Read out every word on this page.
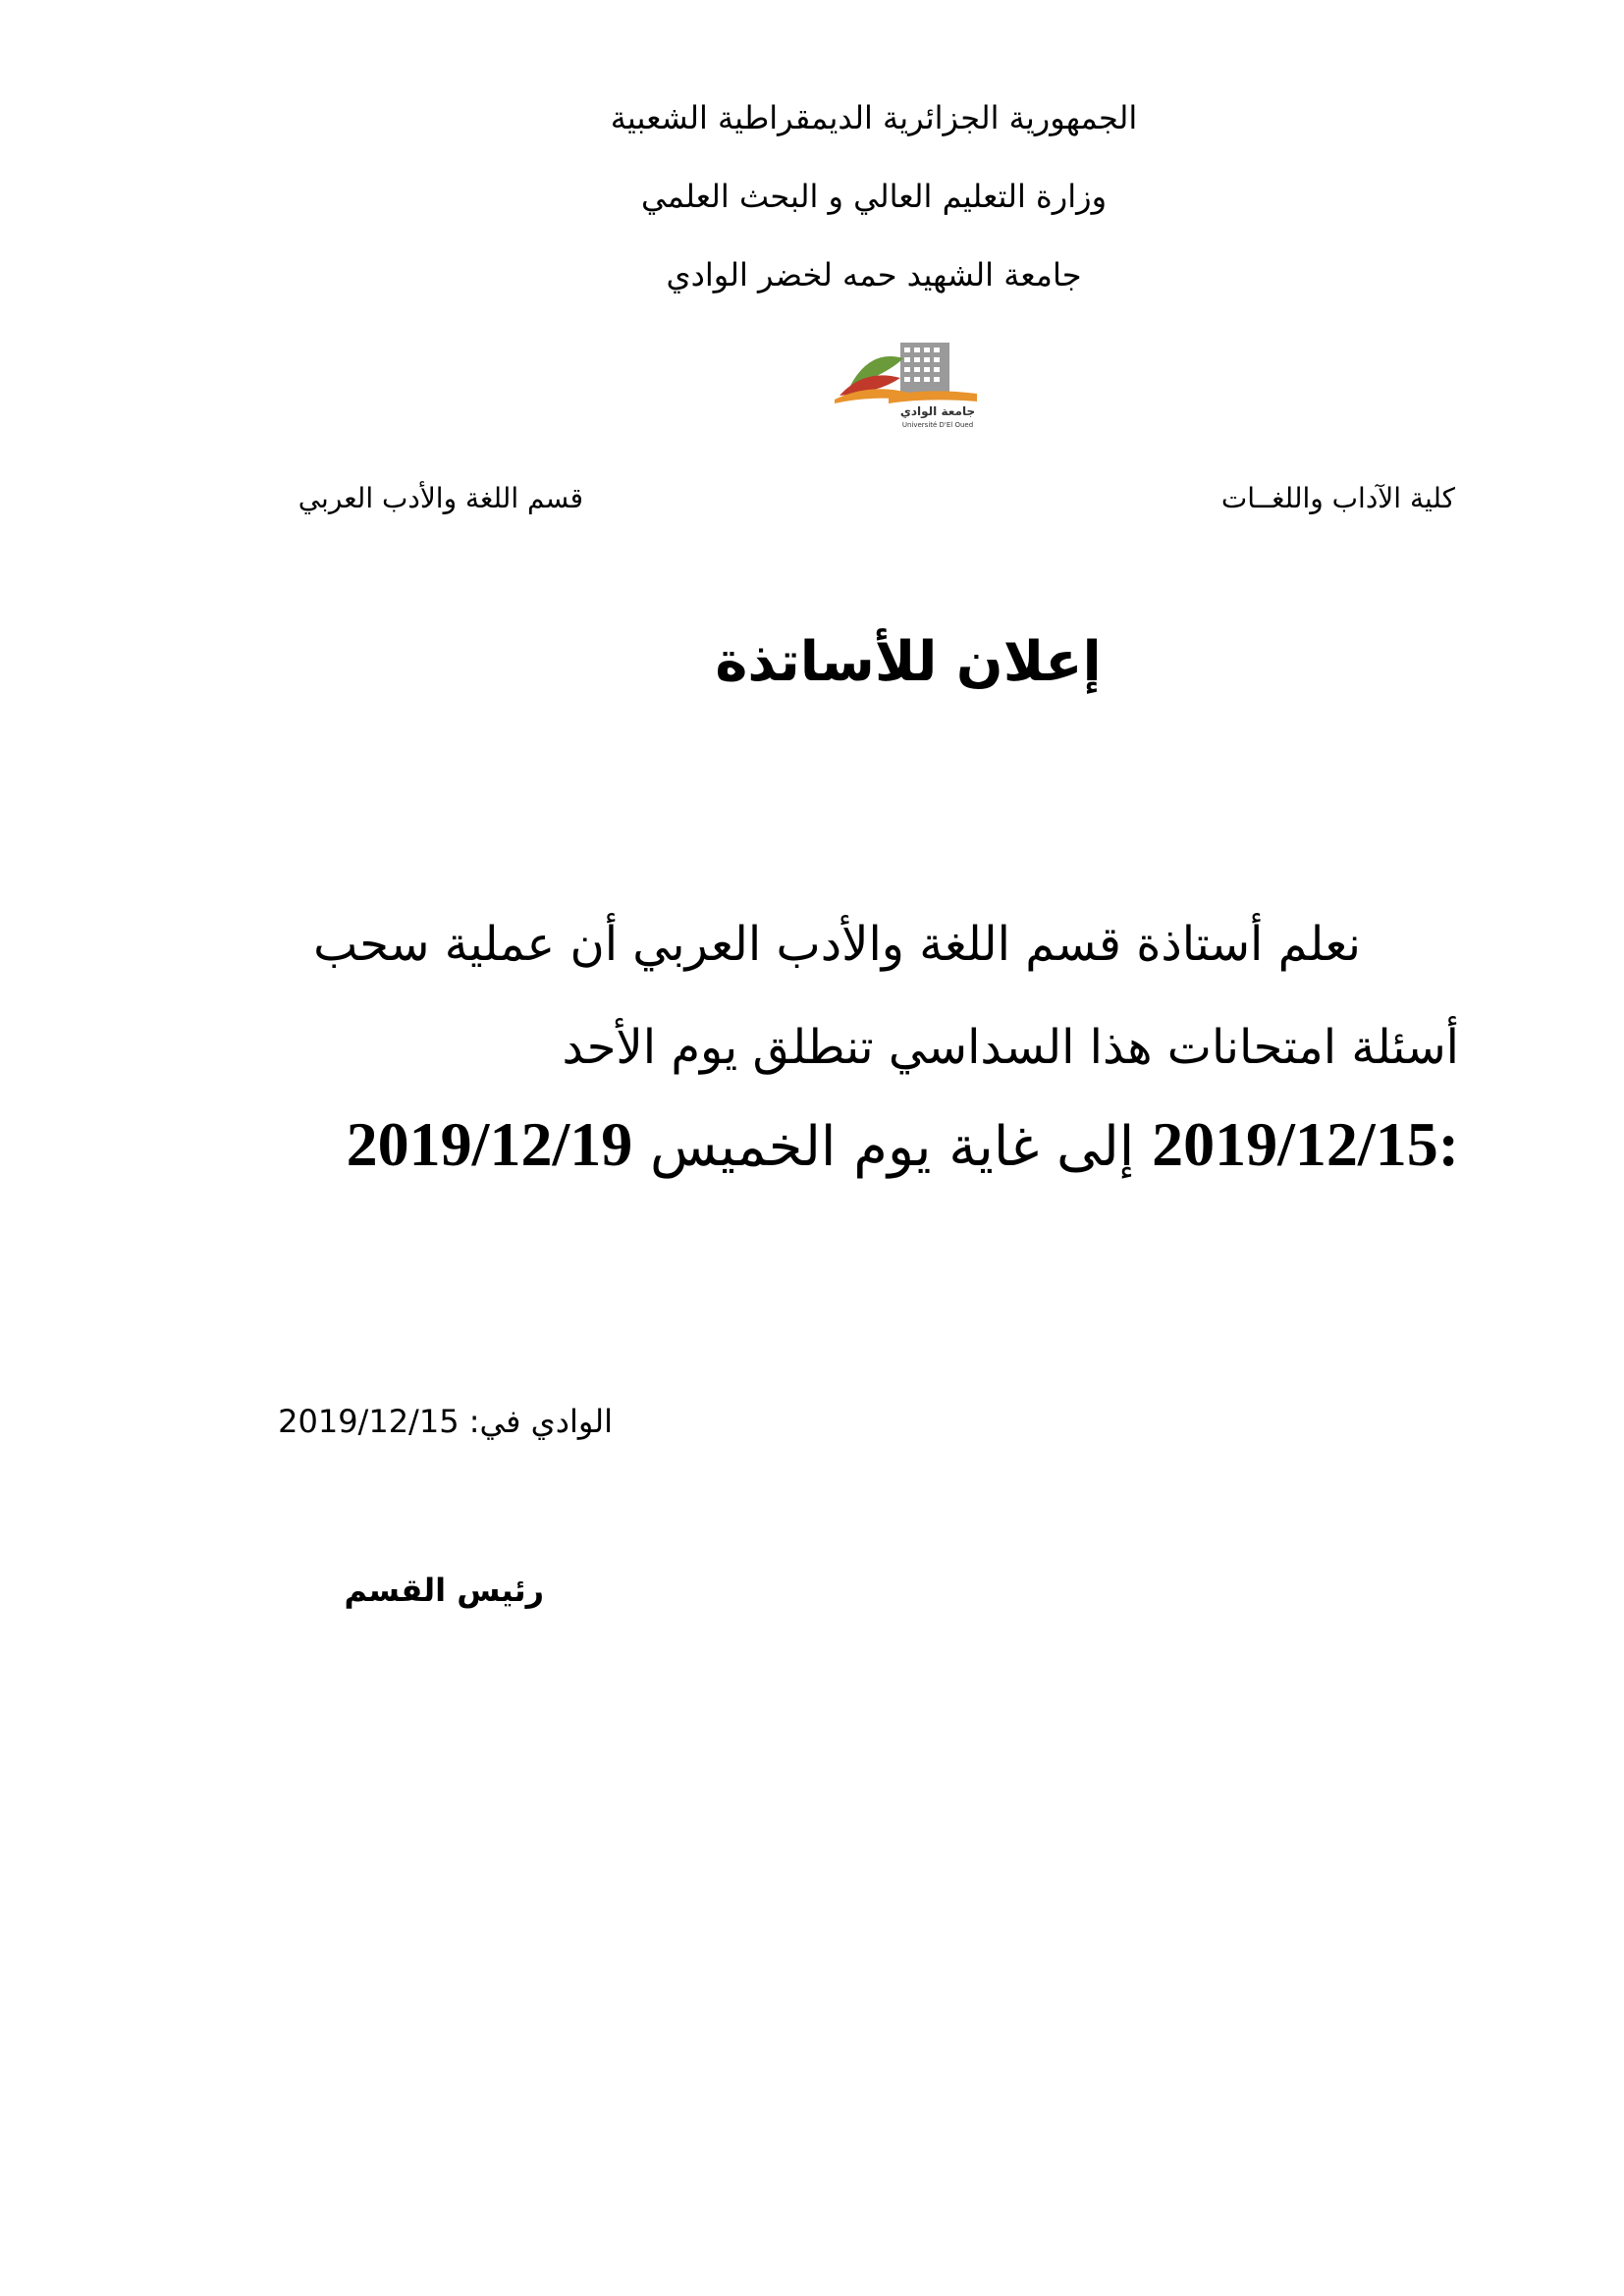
الجمهورية الجزائرية الديمقراطية الشعبية
وزارة التعليم العالي و البحث العلمي
جامعة الشهيد حمه لخضر الوادي
جامعة الوادي
Université D'El Oued
كلية الآداب واللغــات
قسم اللغة والأدب العربي
إعلان للأساتذة
نعلم أستاذة قسم اللغة والأدب العربي أن عملية سحب
أسئلة امتحانات هذا السداسي تنطلق يوم الأحد
:2019/12/15 إلى غاية يوم الخميس 2019/12/19
الوادي في: 2019/12/15
رئيس القسم
